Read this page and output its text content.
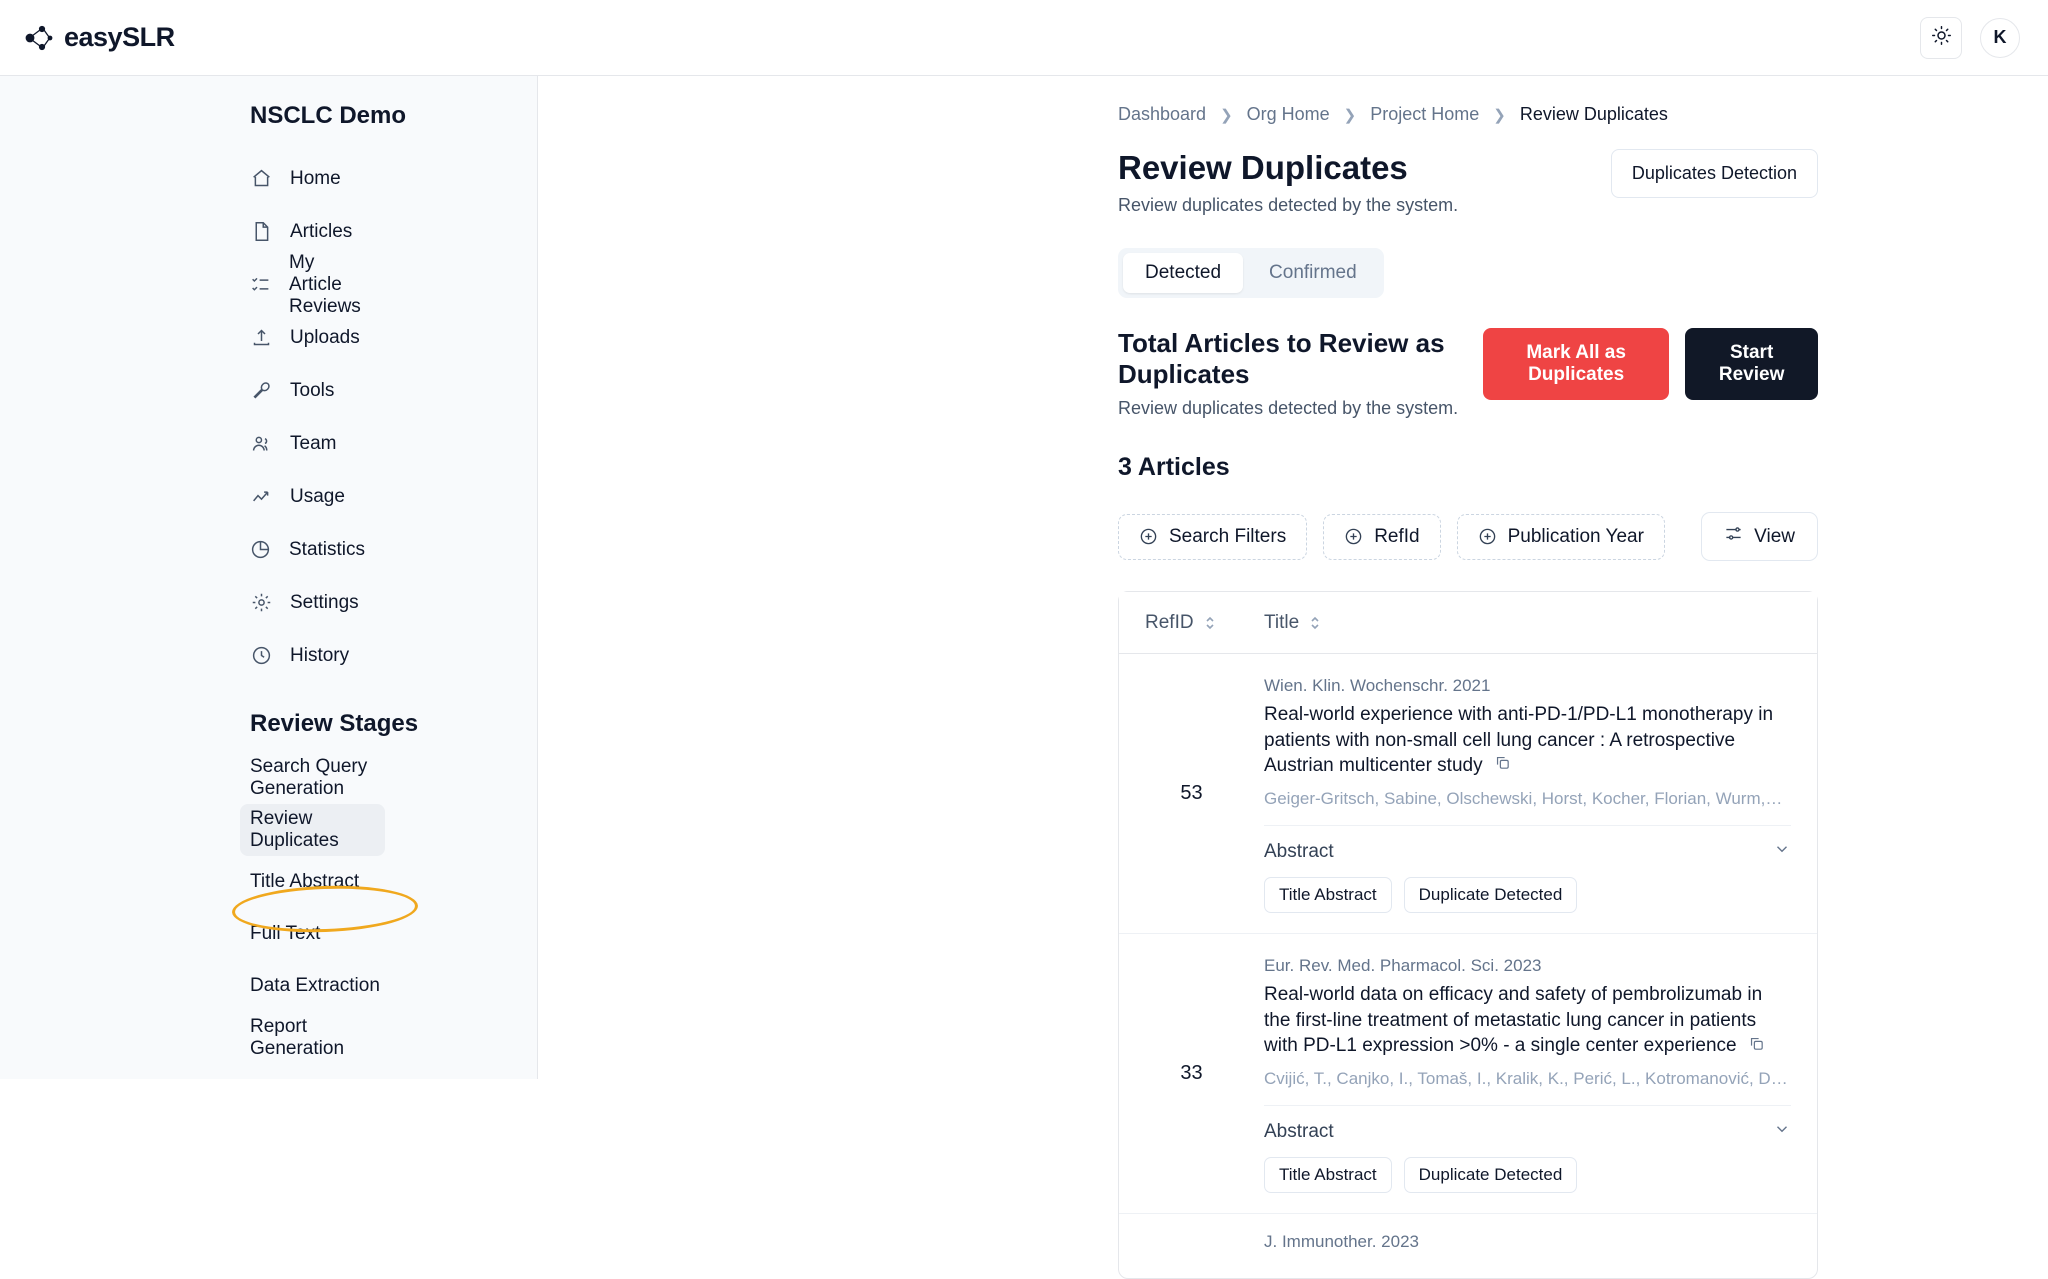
easySLR	K
NSCLC Demo
Home
Articles
My Article Reviews
Uploads
Tools
Team
Usage
Statistics
Settings
History
Review Stages
Search Query Generation
Review Duplicates
Title Abstract
Full Text
Data Extraction
Report Generation
Dashboard ❯ Org Home ❯ Project Home ❯ Review Duplicates
Review Duplicates

Review duplicates detected by the system.

Duplicates Detection
Detected	Confirmed
Total Articles to Review as Duplicates

Review duplicates detected by the system.

Mark All as Duplicates
Start Review
3 Articles
Search Filters	RefId	Publication Year	View
RefID	Title
53
Wien. Klin. Wochenschr. 2021
Real-world experience with anti-PD-1/PD-L1 monotherapy in patients with non-small cell lung cancer : A retrospective Austrian multicenter study
Geiger-Gritsch, Sabine, Olschewski, Horst, Kocher, Florian, Wurm,…
Abstract
Title Abstract	Duplicate Detected
33
Eur. Rev. Med. Pharmacol. Sci. 2023
Real-world data on efficacy and safety of pembrolizumab in the first-line treatment of metastatic lung cancer in patients with PD-L1 expression >0% - a single center experience
Cvijić, T., Canjko, I., Tomaš, I., Kralik, K., Perić, L., Kotromanović, D…
Abstract
Title Abstract	Duplicate Detected
J. Immunother. 2023
